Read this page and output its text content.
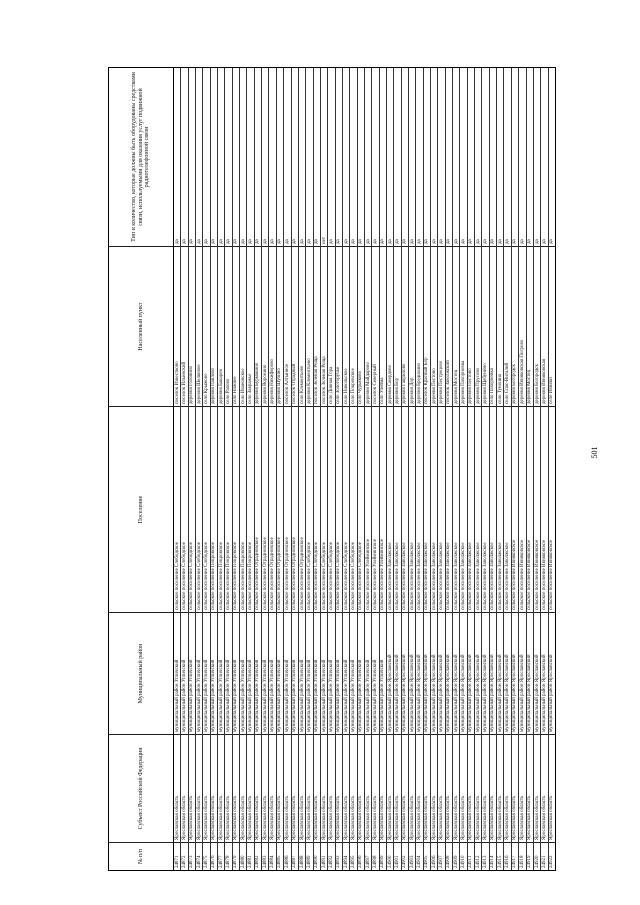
№ п/п
Субъект Российской Федерации
Муниципальный район
Поселение
Населенный пункт
Тип и количество, которые должны быть оборудованы средствами связи, используемыми для оказания услуг подвижной радиотелефонной связи
24871
Ярославская область
муниципальный район Угличский
сельское поселение Слободское
поселок Известково
да
24872
Ярославская область
муниципальный район Угличский
сельское поселение Слободское
поселок Ильинский
да
24873
Ярославская область
муниципальный район Угличский
сельское поселение Слободское
деревня Головино
да
24874
Ярославская область
муниципальный район Угличский
сельское поселение Слободское
деревня Шелковое
да
24875
Ярославская область
муниципальный район Угличский
сельское поселение Слободское
село Крыжово
да
24876
Ярославская область
муниципальный район Угличский
сельское поселение Покровское
деревня Павлово
да
24877
Ярославская область
муниципальный район Угличский
сельское поселение Покровское
деревня Бакарев
да
24878
Ярославская область
муниципальный район Угличский
сельское поселение Покровское
село Рахово
да
24879
Ярославская область
муниципальный район Угличский
сельское поселение Покровское
село Нижнее
да
24880
Ярославская область
муниципальный район Угличский
сельское поселение Покровское
село Ивановское
да
24881
Ярославская область
муниципальный район Угличский
сельское поселение Покровское
село Завражье
да
24882
Ярославская область
муниципальный район Угличский
сельское поселение Отрадновское
деревня Бурмакино
да
24883
Ярославская область
муниципальный район Угличский
сельское поселение Отрадновское
деревня Воронино
да
24884
Ярославская область
муниципальный район Угличский
сельское поселение Отрадновское
деревня Никифорово
да
24885
Ярославская область
муниципальный район Угличский
сельское поселение Отрадновское
деревня Шубино
да
24886
Ярославская область
муниципальный район Угличский
сельское поселение Отрадновское
поселок Алтынное
да
24887
Ярославская область
муниципальный район Угличский
сельское поселение Отрадновское
поселок Отрадный
да
24888
Ярославская область
муниципальный район Угличский
сельское поселение Отрадновское
село Клементьево
да
24889
Ярославская область
муниципальный район Угличский
сельское поселение Слободское
деревня Клементьево
да
24890
Ярославская область
муниципальный район Угличский
сельское поселение Слободское
поселок Зеленая Роща
да
24891
Ярославская область
муниципальный район Угличский
сельское поселение Слободское
поселок Зеленая Роща
нет
24892
Ярославская область
муниципальный район Угличский
сельское поселение Слободское
село Дивная Гора
да
24893
Ярославская область
муниципальный район Угличский
сельское поселение Слободское
село Золоторучье
да
24894
Ярославская область
муниципальный район Угличский
сельское поселение Слободское
село Никольское
да
24895
Ярославская область
муниципальный район Угличский
сельское поселение Слободское
село Покровское
да
24896
Ярославская область
муниципальный район Угличский
сельское поселение Слободское
село Чурьяково
да
24897
Ярославская область
муниципальный район Угличский
сельское поселение Улейминское
деревня Майдарово
да
24898
Ярославская область
муниципальный район Угличский
сельское поселение Улейминское
поселок Северный
да
24899
Ярославская область
муниципальный район Угличский
сельское поселение Улейминское
село Улейма
да
24900
Ярославская область
муниципальный район Ярославский
сельское поселение Заволжское
деревня Смердово
да
24901
Ярославская область
муниципальный район Ярославский
сельское поселение Заволжское
деревня Бор
да
24902
Ярославская область
муниципальный район Ярославский
сельское поселение Заволжское
деревня Гаврилово
да
24903
Ярославская область
муниципальный район Ярославский
сельское поселение Заволжское
деревня Дор
да
24904
Ярославская область
муниципальный район Ярославский
сельское поселение Заволжское
деревня Бредихино
да
24905
Ярославская область
муниципальный район Ярославский
сельское поселение Заволжское
поселок Красный Бор
да
24906
Ярославская область
муниципальный район Ярославский
сельское поселение Заволжское
деревня Пестово
да
24907
Ярославская область
муниципальный район Ярославский
сельское поселение Заволжское
деревня Пестрецово
да
24908
Ярославская область
муниципальный район Ярославский
сельское поселение Заволжское
поселок Заволжский
да
24909
Ярославская область
муниципальный район Ярославский
сельское поселение Заволжское
деревня Мостец
да
24910
Ярославская область
муниципальный район Ярославский
сельское поселение Заволжское
деревня Пахорновка
да
24911
Ярославская область
муниципальный район Ярославский
сельское поселение Заволжское
деревня Пестово
да
24912
Ярославская область
муниципальный район Ярославский
сельское поселение Заволжское
деревня Прусово
да
24913
Ярославская область
муниципальный район Ярославский
сельское поселение Заволжское
деревня Щебунино
да
24914
Ярославская область
муниципальный район Ярославский
сельское поселение Заволжское
село Пахорновка
да
24915
Ярославская область
муниципальный район Ярославский
сельское поселение Заволжское
село Туношна
да
24916
Ярославская область
муниципальный район Ярославский
сельское поселение Заволжское
село Спас-Виталий
да
24917
Ярославская область
муниципальный район Ярославский
сельское поселение Ивняковское
деревня Богородск
да
24918
Ярославская область
муниципальный район Ярославский
сельское поселение Ивняковское
деревня Ивняковская Погрово
да
24919
Ярославская область
муниципальный район Ярославский
сельское поселение Ивняковское
деревня Мостец
да
24920
Ярославская область
муниципальный район Ярославский
сельское поселение Ивняковское
деревня Богородск
да
24921
Ярославская область
муниципальный район Ярославский
сельское поселение Ивняковское
деревня Ивняковская
да
24922
Ярославская область
муниципальный район Ярославский
сельское поселение Ивняковское
село Ивняки
да
501
